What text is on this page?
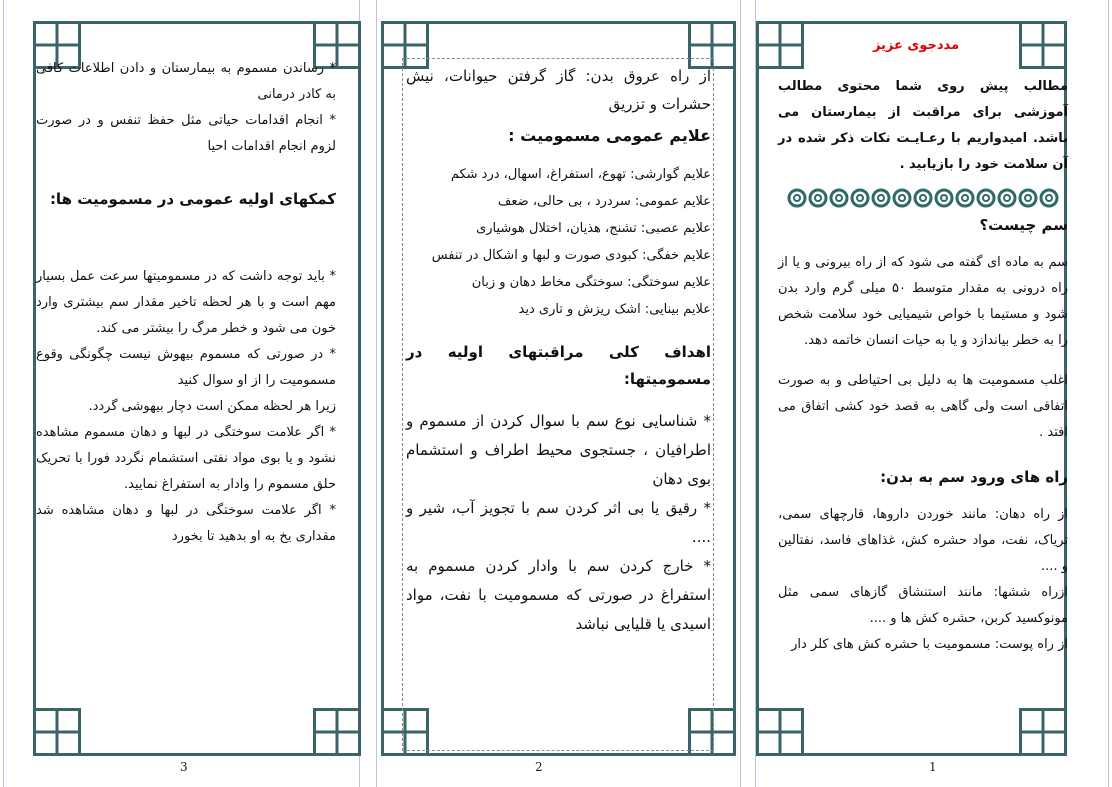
* رساندن مسموم به بیمارستان و دادن اطلاعات کافی به کادر درمانی

* انجام اقدامات حیاتی مثل حفظ تنفس و در صورت لزوم انجام اقدامات احیا

کمکهای اولیه عمومی در مسمومیت ها:

* باید توجه داشت که در مسمومیتها سرعت عمل بسیار مهم است و با هر لحظه تاخیر مقدار سم بیشتری وارد خون می شود و خطر مرگ را بیشتر می کند.

* در صورتی که مسموم بیهوش نیست چگونگی وقوع مسمومیت را از او سوال کنید

زیرا هر لحظه ممکن است دچار بیهوشی گردد.

* اگر علامت سوختگی در لبها و دهان مسموم مشاهده نشود و یا بوی مواد نفتی استشمام نگردد فورا با تحریک حلق مسموم را وادار به استفراغ نمایید.

* اگر علامت سوختگی در لبها و دهان مشاهده شد مقداری یخ به او بدهید تا بخورد

3

از راه عروق بدن: گاز گرفتن حیوانات، نیش حشرات و تزریق

علایم عمومی مسمومیت :

علایم گوارشی: تهوع، استفراغ، اسهال، درد شکم

علایم عمومی: سردرد ، بی حالی، ضعف

علایم عصبی: تشنج، هذیان، اختلال هوشیاری

علایم خفگی: کبودی صورت و لبها و اشکال در تنفس

علایم سوختگی: سوختگی مخاط دهان و زبان

علایم بینایی: اشک ریزش و تاری دید

اهداف کلی مراقبتهای اولیه در مسمومیتها:

* شناسایی نوع سم با سوال کردن از مسموم و اطرافیان ، جستجوی محیط اطراف و استشمام بوی دهان

* رقیق یا بی اثر کردن سم با تجویز آب، شیر و ....

* خارج کردن سم با وادار کردن مسموم به استفراغ در صورتی که مسمومیت با نفت، مواد اسیدی یا قلیایی نباشد

2
مددجوی عزیز

مطالب پیش روی شما محتوی مطالب آموزشی برای مراقبت از بیمارستان می باشد. امیدواریم با رعـایـت نکات ذکر شده در آن سلامت خود را بازیابید .

سم چیست؟

سم به ماده ای گفته می شود که از راه بیرونی و یا از راه درونی به مقدار متوسط ۵۰ میلی گرم وارد بدن شود و مستیما با خواص شیمیایی خود سلامت شخص را به خطر بیاندازد و یا به حیات انسان خاتمه دهد.

اغلب مسمومیت ها به دلیل بی احتیاطی و به صورت اتفاقی است ولی گاهی به قصد خود کشی اتفاق می افتد .

راه های ورود سم به بدن:

از راه دهان: مانند خوردن داروها، قارچهای سمی، تریاک، نفت، مواد حشره کش، غذاهای فاسد، نفتالین و ....

ازراه ششها: مانند استنشاق گازهای سمی مثل مونوکسید کربن، حشره کش ها و ....

از راه پوست: مسمومیت با حشره کش های کلر دار

1
